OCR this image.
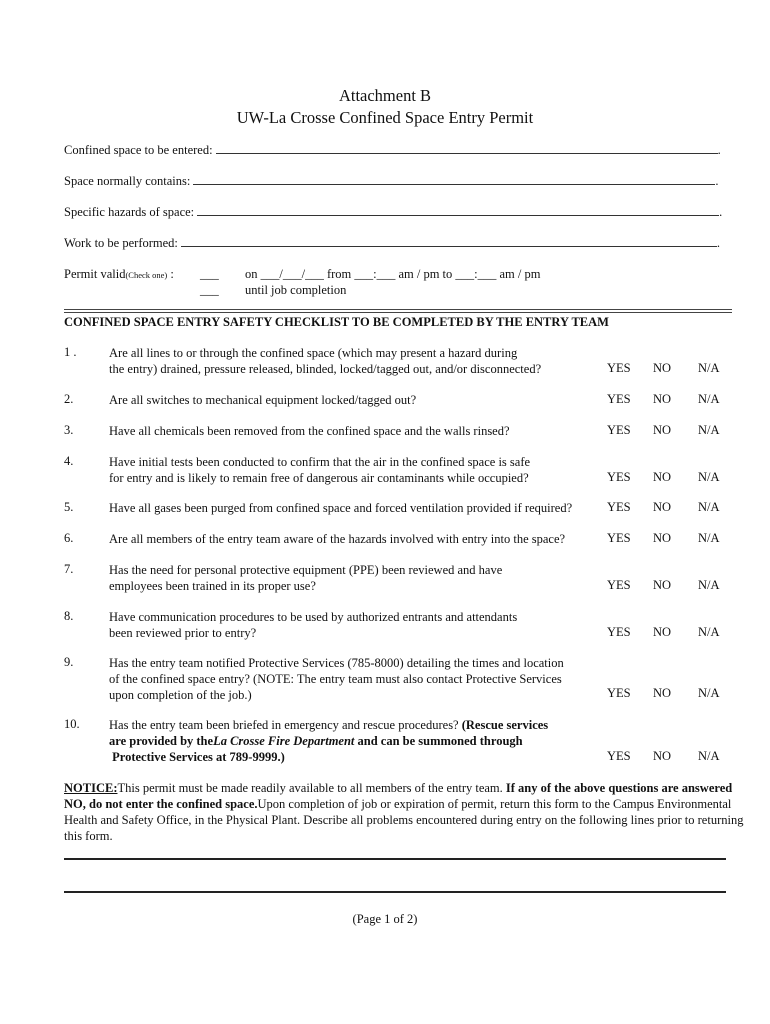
Attachment B
UW-La Crosse Confined Space Entry Permit
Confined space to be entered:	.
Space normally contains:	.
Specific hazards of space:	.
Work to be performed:	.
Permit valid(Check one) : ___ on ___/___/___ from ___:___ am / pm to ___:___ am / pm
___ until job completion
CONFINED SPACE ENTRY SAFETY CHECKLIST TO BE COMPLETED BY THE ENTRY TEAM
1 .	Are all lines to or through the confined space (which may present a hazard during
the entry) drained, pressure released, blinded, locked/tagged out, and/or disconnected?	YES NO N/A
2.	Are all switches to mechanical equipment locked/tagged out?	YES NO N/A
3.	Have all chemicals been removed from the confined space and the walls rinsed?	YES NO N/A
4.	Have initial tests been conducted to confirm that the air in the confined space is safe
for entry and is likely to remain free of dangerous air contaminants while occupied?	YES NO N/A
5.	Have all gases been purged from confined space and forced ventilation provided if required?	YES NO N/A
6.	Are all members of the entry team aware of the hazards involved with entry into the space?	YES NO N/A
7.	Has the need for personal protective equipment (PPE) been reviewed and have
employees been trained in its proper use?	YES NO N/A
8.	Have communication procedures to be used by authorized entrants and attendants
been reviewed prior to entry?	YES NO N/A
9.	Has the entry team notified Protective Services (785-8000) detailing the times and location
of the confined space entry? (NOTE: The entry team must also contact Protective Services
upon completion of the job.)	YES NO N/A
10. Has the entry team been briefed in emergency and rescue procedures? (Rescue services
are provided by theLa Crosse Fire Department and can be summoned through
Protective Services at 789-9999.)	YES NO N/A
NOTICE:This permit must be made readily available to all members of the entry team. If any of the above questions are answered NO, do not enter the confined space.Upon completion of job or expiration of permit, return this form to the Campus Environmental Health and Safety Office, in the Physical Plant. Describe all problems encountered during entry on the following lines prior to returning this form.
(Page 1 of 2)
